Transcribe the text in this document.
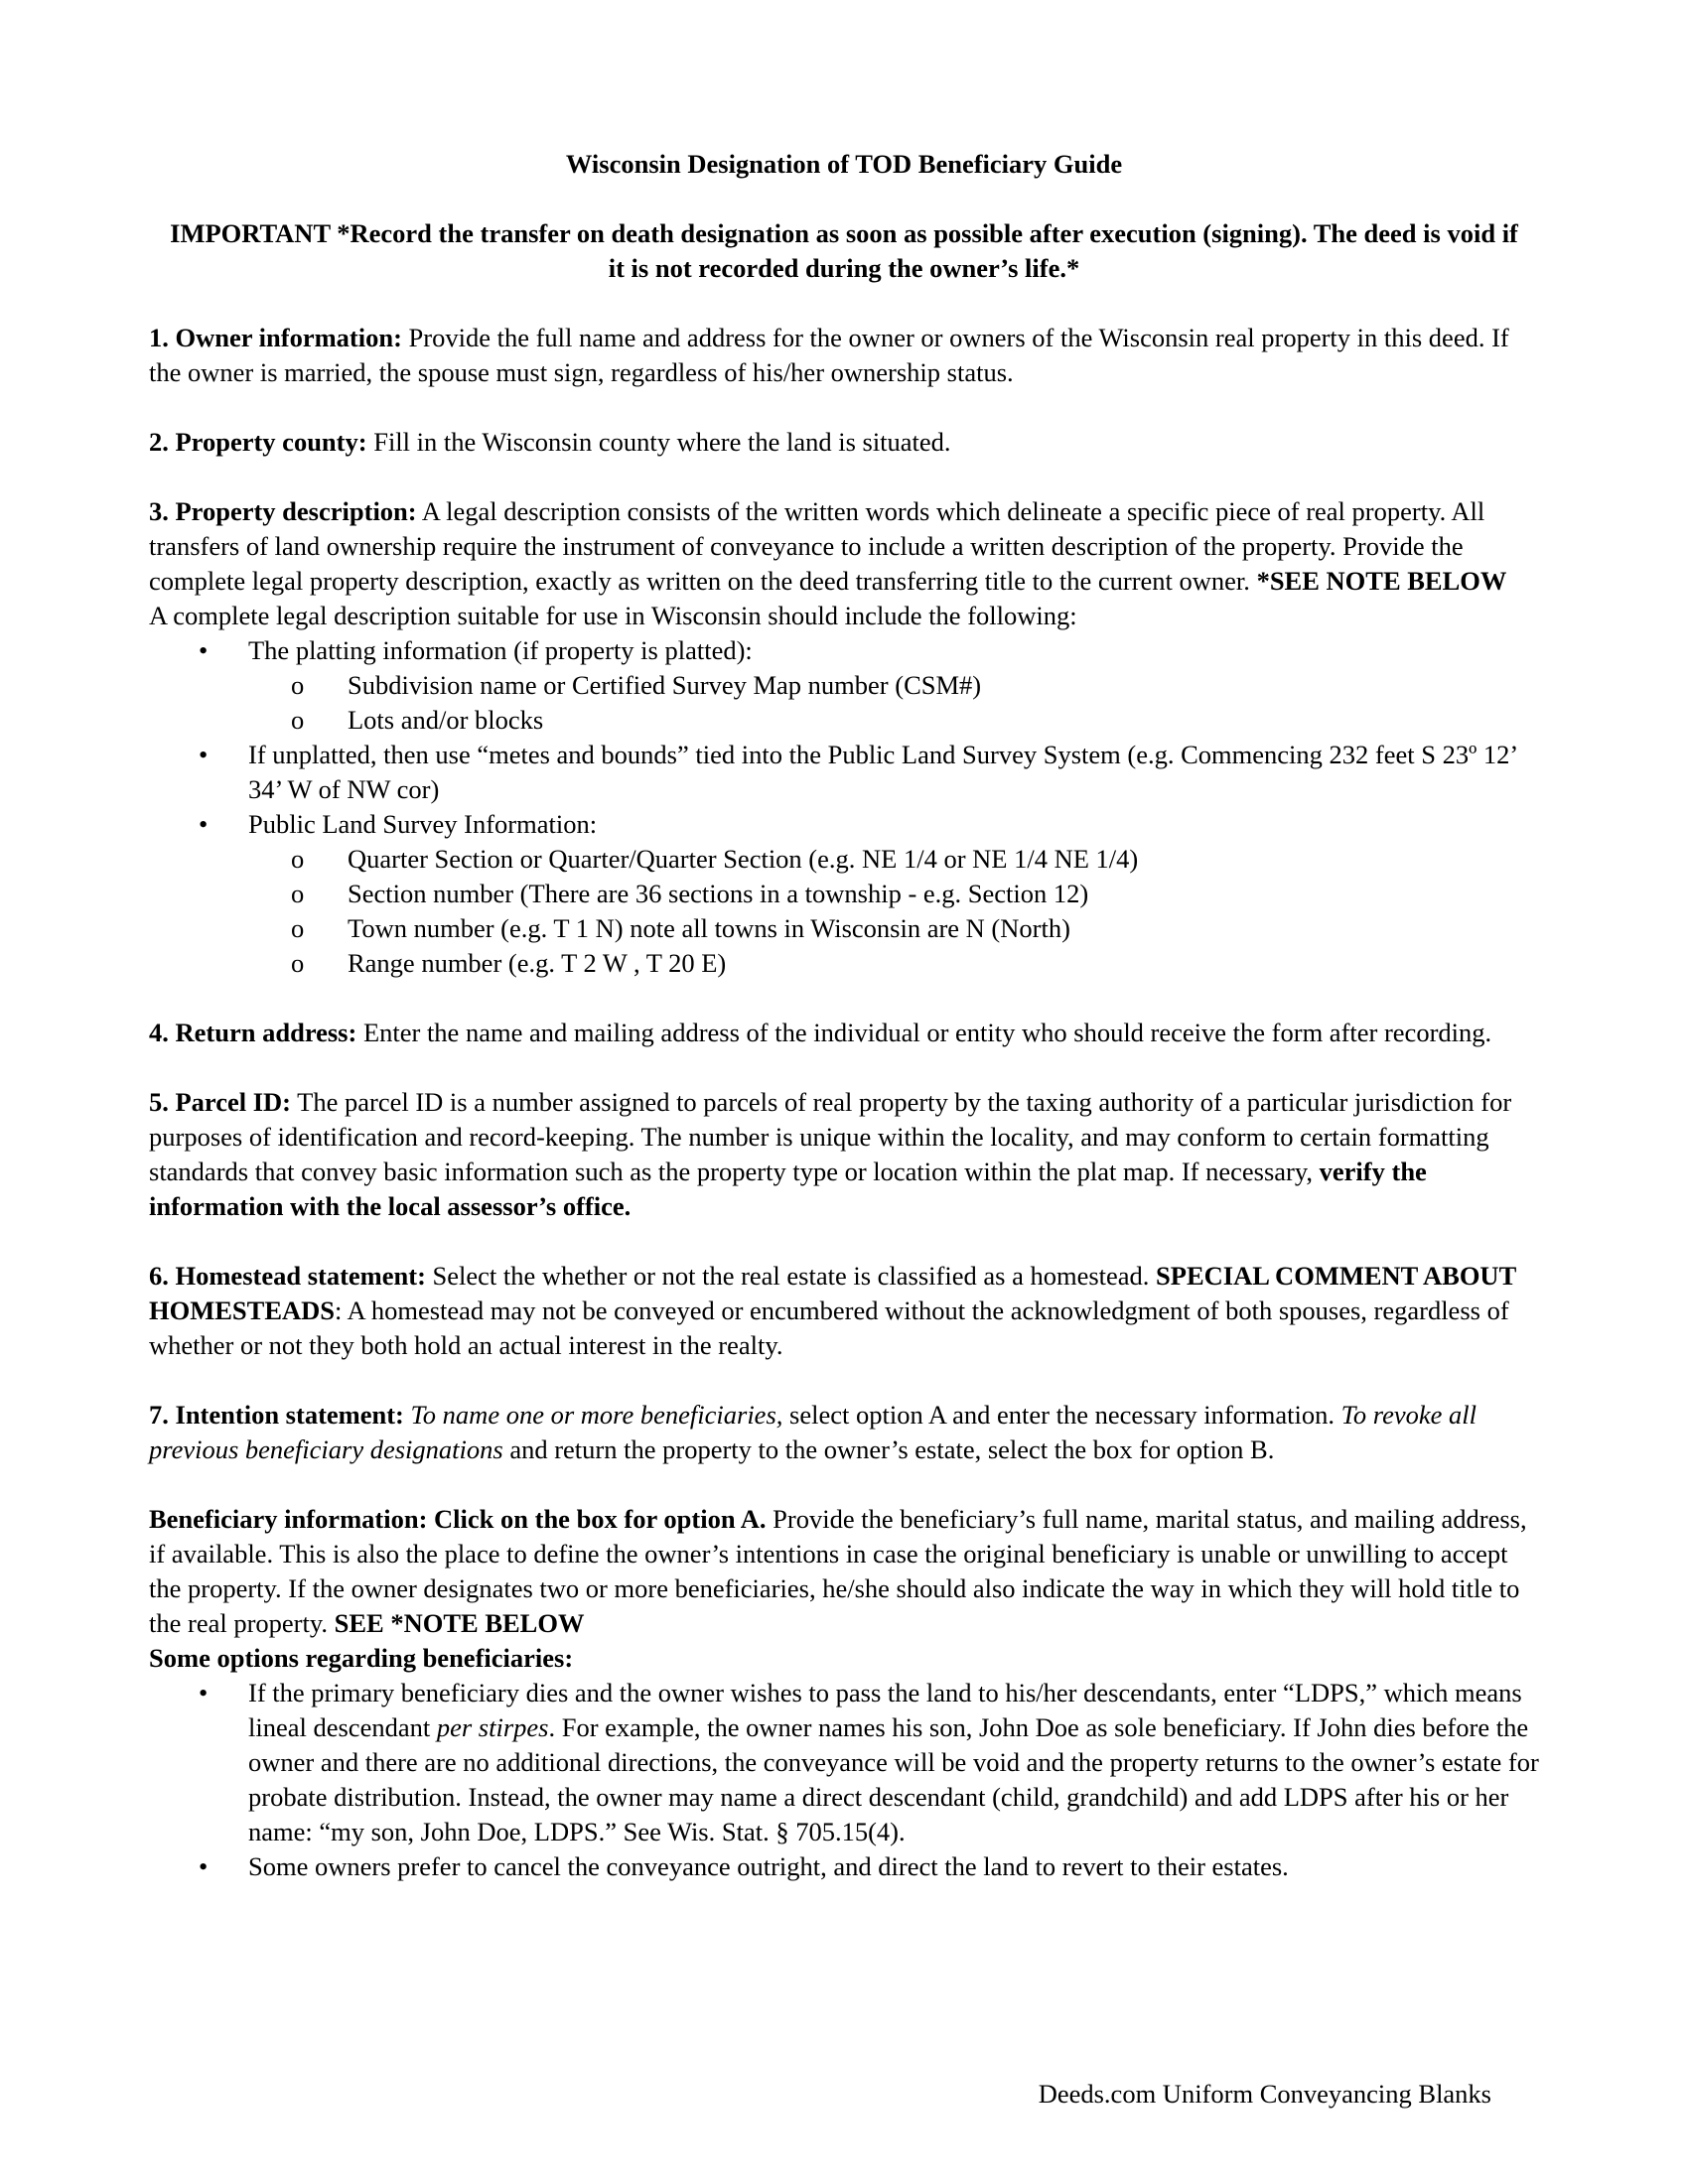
Wisconsin Designation of TOD Beneficiary Guide

IMPORTANT *Record the transfer on death designation as soon as possible after execution (signing). The deed is void if it is not recorded during the owner’s life.*

1. Owner information: Provide the full name and address for the owner or owners of the Wisconsin real property in this deed. If the owner is married, the spouse must sign, regardless of his/her ownership status.

2. Property county: Fill in the Wisconsin county where the land is situated.

3. Property description: A legal description consists of the written words which delineate a specific piece of real property. All transfers of land ownership require the instrument of conveyance to include a written description of the property. Provide the complete legal property description, exactly as written on the deed transferring title to the current owner. *SEE NOTE BELOW

A complete legal description suitable for use in Wisconsin should include the following:

• The platting information (if property is platted):
o Subdivision name or Certified Survey Map number (CSM#)
o Lots and/or blocks
• If unplatted, then use “metes and bounds” tied into the Public Land Survey System (e.g. Commencing 232 feet S 23º 12’ 34’ W of NW cor)
• Public Land Survey Information:
o Quarter Section or Quarter/Quarter Section (e.g. NE 1/4 or NE 1/4 NE 1/4)
o Section number (There are 36 sections in a township - e.g. Section 12)
o Town number (e.g. T 1 N) note all towns in Wisconsin are N (North)
o Range number (e.g. T 2 W , T 20 E)

4. Return address: Enter the name and mailing address of the individual or entity who should receive the form after recording.

5. Parcel ID: The parcel ID is a number assigned to parcels of real property by the taxing authority of a particular jurisdiction for purposes of identification and record-keeping. The number is unique within the locality, and may conform to certain formatting standards that convey basic information such as the property type or location within the plat map. If necessary, verify the information with the local assessor’s office.

6. Homestead statement: Select the whether or not the real estate is classified as a homestead. SPECIAL COMMENT ABOUT HOMESTEADS: A homestead may not be conveyed or encumbered without the acknowledgment of both spouses, regardless of whether or not they both hold an actual interest in the realty.

7. Intention statement: To name one or more beneficiaries, select option A and enter the necessary information. To revoke all previous beneficiary designations and return the property to the owner’s estate, select the box for option B.

Beneficiary information: Click on the box for option A. Provide the beneficiary’s full name, marital status, and mailing address, if available. This is also the place to define the owner’s intentions in case the original beneficiary is unable or unwilling to accept the property. If the owner designates two or more beneficiaries, he/she should also indicate the way in which they will hold title to the real property. SEE *NOTE BELOW

Some options regarding beneficiaries:

• If the primary beneficiary dies and the owner wishes to pass the land to his/her descendants, enter “LDPS,” which means lineal descendant per stirpes. For example, the owner names his son, John Doe as sole beneficiary. If John dies before the owner and there are no additional directions, the conveyance will be void and the property returns to the owner’s estate for probate distribution. Instead, the owner may name a direct descendant (child, grandchild) and add LDPS after his or her name: “my son, John Doe, LDPS.” See Wis. Stat. § 705.15(4).
• Some owners prefer to cancel the conveyance outright, and direct the land to revert to their estates.
Deeds.com Uniform Conveyancing Blanks
